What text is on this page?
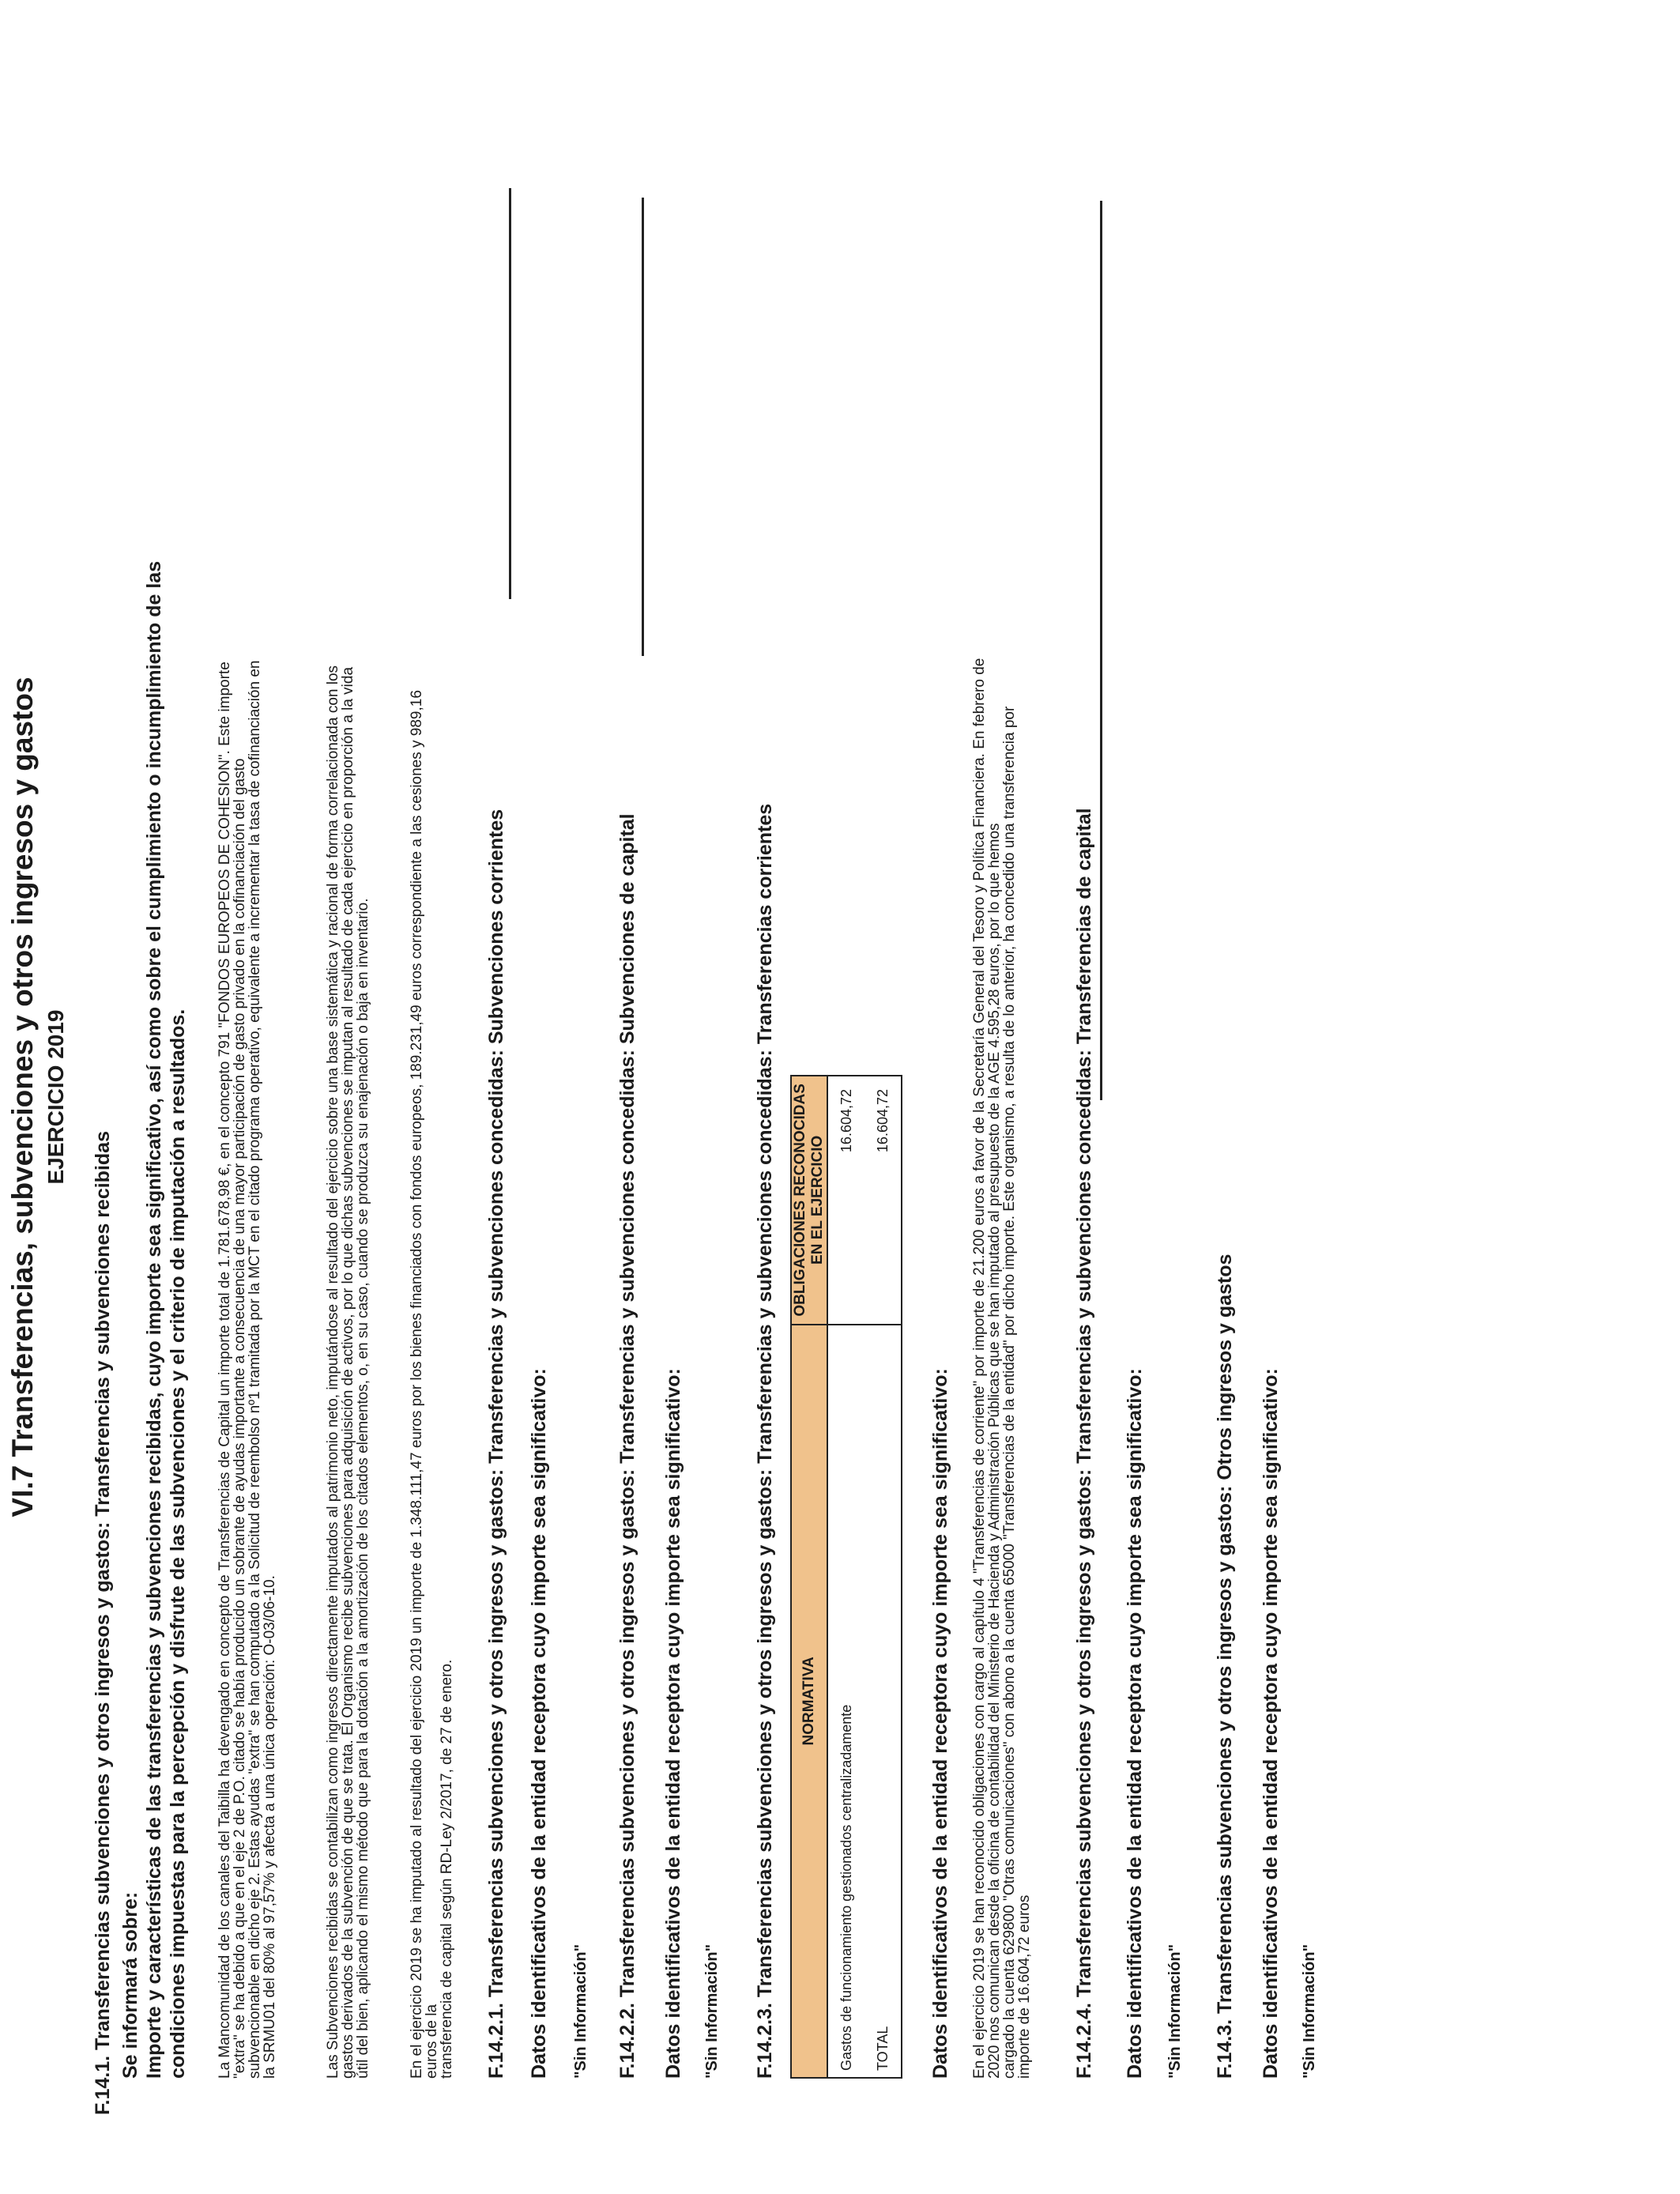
VI.7 Transferencias, subvenciones y otros ingresos y gastos EJERCICIO 2019
F.14.1. Transferencias subvenciones y otros ingresos y gastos: Transferencias y subvenciones recibidas Se informará sobre: Importe y características de las transferencias y subvenciones recibidas, cuyo importe sea significativo, así como sobre el cumplimiento o incumplimiento de las condiciones impuestas para la percepción y disfrute de las subvenciones y el criterio de imputación a resultados. La Mancomunidad de los canales del Taibilla ha devengado en concepto de Transferencias de Capital un importe total de 1.781.678,98 €, en el concepto 791 "FONDOS EUROPEOS DE COHESION". Este importe
"extra" se ha debido a que en el eje 2 de P.O. citado se había producido un sobrante de ayudas importante a consecuencia de una mayor participación de gasto privado en la cofinanciación del gasto
subvencionable en dicho eje 2. Estas ayudas "extra" se han computado a la Solicitud de reembolso nº1 tramitada por la MCT en el citado programa operativo, equivalente a incrementar la tasa de cofinanciación en
la SRMU01 del 80% al 97,57% y afecta a una única operación: O-03/06-10.	Las Subvenciones recibidas se contabilizan como ingresos directamente imputados al patrimonio neto, imputándose al resultado del ejercicio sobre una base sistemática y racional de forma correlacionada con los
gastos derivados de la subvención de que se trata. El Organismo recibe subvenciones para adquisición de activos, por lo que dichas subvenciones se imputan al resultado de cada ejercicio en proporción a la vida
útil del bien, aplicando el mismo método que para la dotación a la amortización de los citados elementos, o, en su caso, cuando se produzca su enajenación o baja en inventario. En el ejercicio 2019 se ha imputado al resultado del ejercicio 2019 un importe de 1.348.111,47 euros por los bienes financiados con fondos europeos, 189.231,49 euros correspondiente a las cesiones y 989,16
euros de la
transferencia de capital según RD-Ley 2/2017, de 27 de enero. F.14.2.1. Transferencias subvenciones y otros ingresos y gastos: Transferencias y subvenciones concedidas: Subvenciones corrientes Datos identificativos de la entidad receptora cuyo importe sea significativo: "Sin Información" F.14.2.2. Transferencias subvenciones y otros ingresos y gastos: Transferencias y subvenciones concedidas: Subvenciones de capital Datos identificativos de la entidad receptora cuyo importe sea significativo: "Sin Información" F.14.2.3. Transferencias subvenciones y otros ingresos y gastos: Transferencias y subvenciones concedidas: Transferencias corrientes NORMATIVA	OBLIGACIONES RECONOCIDAS EN EL EJERCICIO
Gastos de funcionamiento gestionados centralizadamente	16.604,72
TOTAL	16.604,72
Datos identificativos de la entidad receptora cuyo importe sea significativo: En el ejercicio 2019 se han reconocido obligaciones con cargo al capítulo 4 "Transferencias de corriente" por importe de 21.200 euros a favor de la Secretaría General del Tesoro y Política Financiera. En febrero de
2020 nos comunican desde la oficina de contabilidad del Ministerio de Hacienda y Administración Públicas que se han imputado al presupuesto de la AGE 4.595,28 euros, por lo que hemos
cargado la cuenta 629800 "Otras comunicaciones" con abono a la cuenta 65000 "Transferencias de la entidad" por dicho importe. Este organismo, a resulta de lo anterior, ha concedido una transferencia por
importe de 16.604,72 euros F.14.2.4. Transferencias subvenciones y otros ingresos y gastos: Transferencias y subvenciones concedidas: Transferencias de capital Datos identificativos de la entidad receptora cuyo importe sea significativo: "Sin Información" F.14.3. Transferencias subvenciones y otros ingresos y gastos: Otros ingresos y gastos Datos identificativos de la entidad receptora cuyo importe sea significativo: "Sin Información"
